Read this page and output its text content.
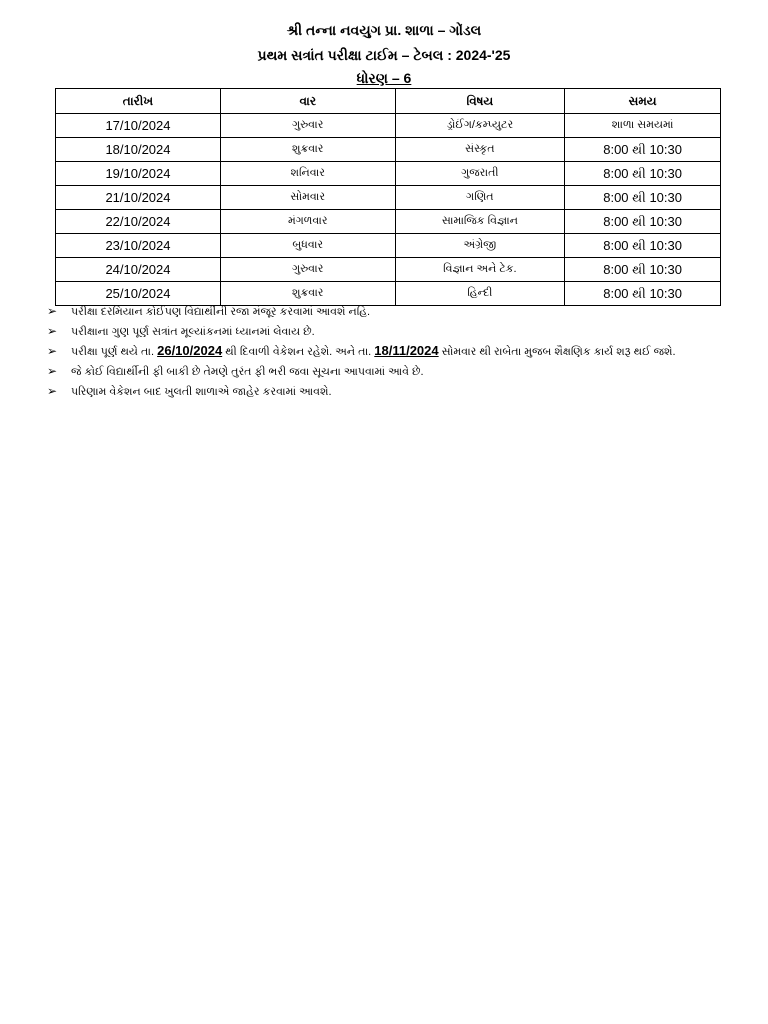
શ્રી તન્ના નવયુગ પ્રા. શાળા – ગોંડલ
પ્રથમ સત્રાંત પરીક્ષા ટાઈમ – ટેબલ : 2024-'25
ધોરણ – 6
તારીખ	વાર	વિષય	સમય
17/10/2024	ગુરુવાર	ડ્રોઈંગ/કમ્પ્યુટર	શાળા સમયમાં
18/10/2024	શુક્રવાર	સંસ્કૃત	8:00 થી 10:30
19/10/2024	શનિવાર	ગુજરાતી	8:00 થી 10:30
21/10/2024	સોમવાર	ગણિત	8:00 થી 10:30
22/10/2024	મંગળવાર	સામાજિક વિજ્ઞાન	8:00 થી 10:30
23/10/2024	બુધવાર	અંગ્રેજી	8:00 થી 10:30
24/10/2024	ગુરુવાર	વિજ્ઞાન અને ટેક.	8:00 થી 10:30
25/10/2024	શુક્રવાર	હિન્દી	8:00 થી 10:30
➢ પરીક્ષા દરમિયાન કોઈપણ વિદ્યાર્થીની રજા મંજૂર કરવામાં આવશે નહિ.
➢ પરીક્ષાના ગુણ પૂર્ણ સત્રાંત મૂલ્યાંકનમાં ધ્યાનમાં લેવાય છે.
➢ પરીક્ષા પૂર્ણ થયે તા. 26/10/2024 થી દિવાળી વેકેશન રહેશે. અને તા. 18/11/2024 સોમવાર થી રાબેતા મુજબ શૈક્ષણિક કાર્ય શરૂ થઈ જશે.
➢ જે કોઈ વિદ્યાર્થીની ફી બાકી છે તેમણે તુરંત ફી ભરી જવા સૂચના આપવામાં આવે છે.
➢ પરિણામ વેકેશન બાદ ખુલતી શાળાએ જાહેર કરવામાં આવશે.
